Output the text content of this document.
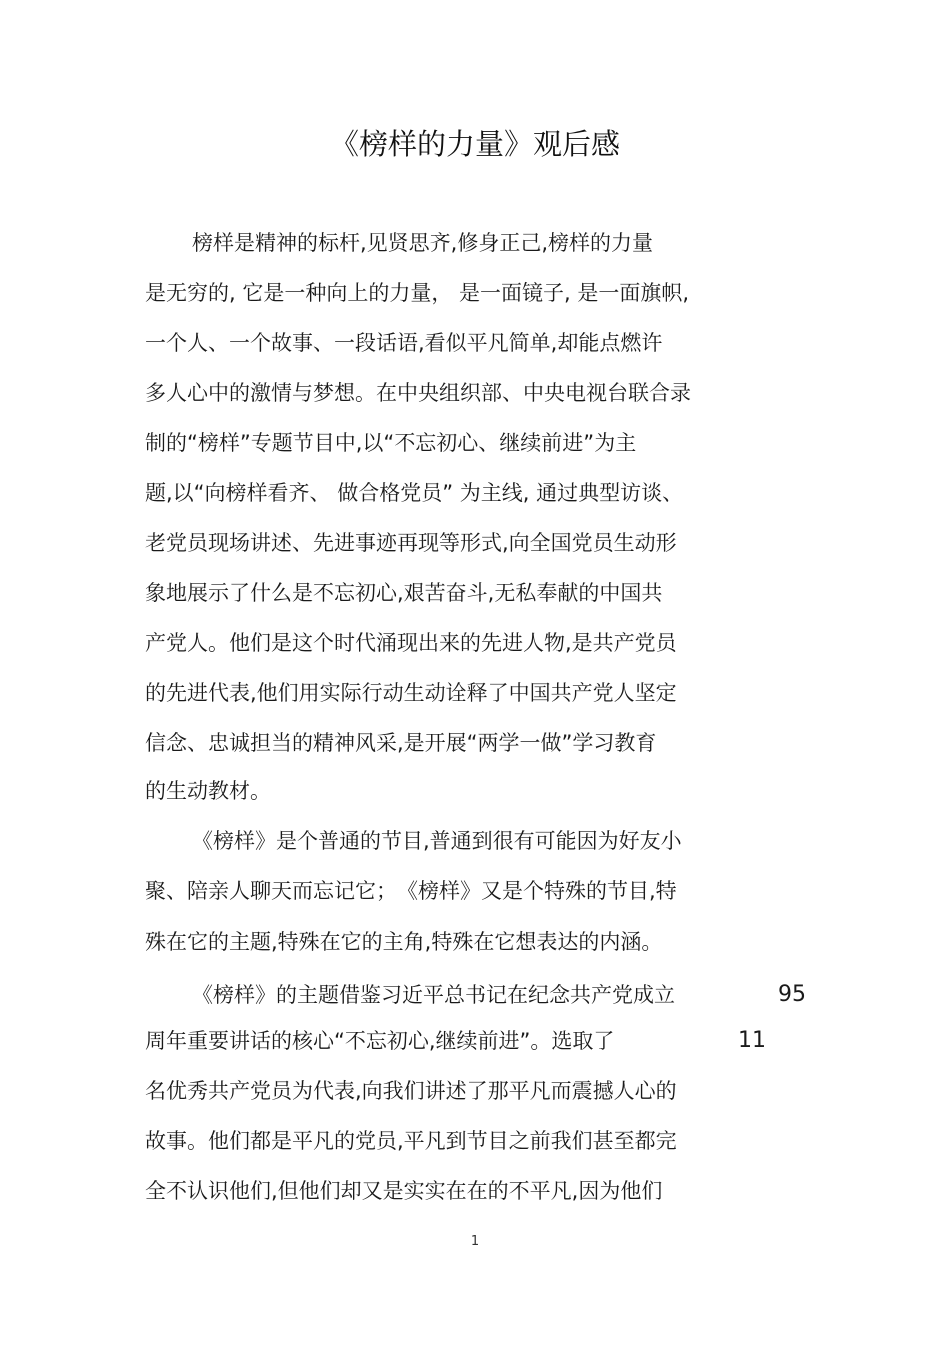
《榜样的力量》观后感
榜样是精神的标杆,见贤思齐,修身正己,榜样的力量
是无穷的, 它是一种向上的力量， 是一面镜子, 是一面旗帜,
一个人、一个故事、一段话语,看似平凡简单,却能点燃许
多人心中的激情与梦想。在中央组织部、中央电视台联合录
制的“榜样”专题节目中,以“不忘初心、继续前进”为主
题,以“向榜样看齐、 做合格党员” 为主线, 通过典型访谈、
老党员现场讲述、先进事迹再现等形式,向全国党员生动形
象地展示了什么是不忘初心,艰苦奋斗,无私奉献的中国共
产党人。他们是这个时代涌现出来的先进人物,是共产党员
的先进代表,他们用实际行动生动诠释了中国共产党人坚定
信念、忠诚担当的精神风采,是开展“两学一做”学习教育
的生动教材。
《榜样》是个普通的节目,普通到很有可能因为好友小
聚、陪亲人聊天而忘记它；　《榜样》又是个特殊的节目,特
殊在它的主题,特殊在它的主角,特殊在它想表达的内涵。
《榜样》的主题借鉴习近平总书记在纪念共产党成立	95
周年重要讲话的核心“不忘初心,继续前进”。选取了	11
名优秀共产党员为代表,向我们讲述了那平凡而震撼人心的
故事。他们都是平凡的党员,平凡到节目之前我们甚至都完
全不认识他们,但他们却又是实实在在的不平凡,因为他们
1
